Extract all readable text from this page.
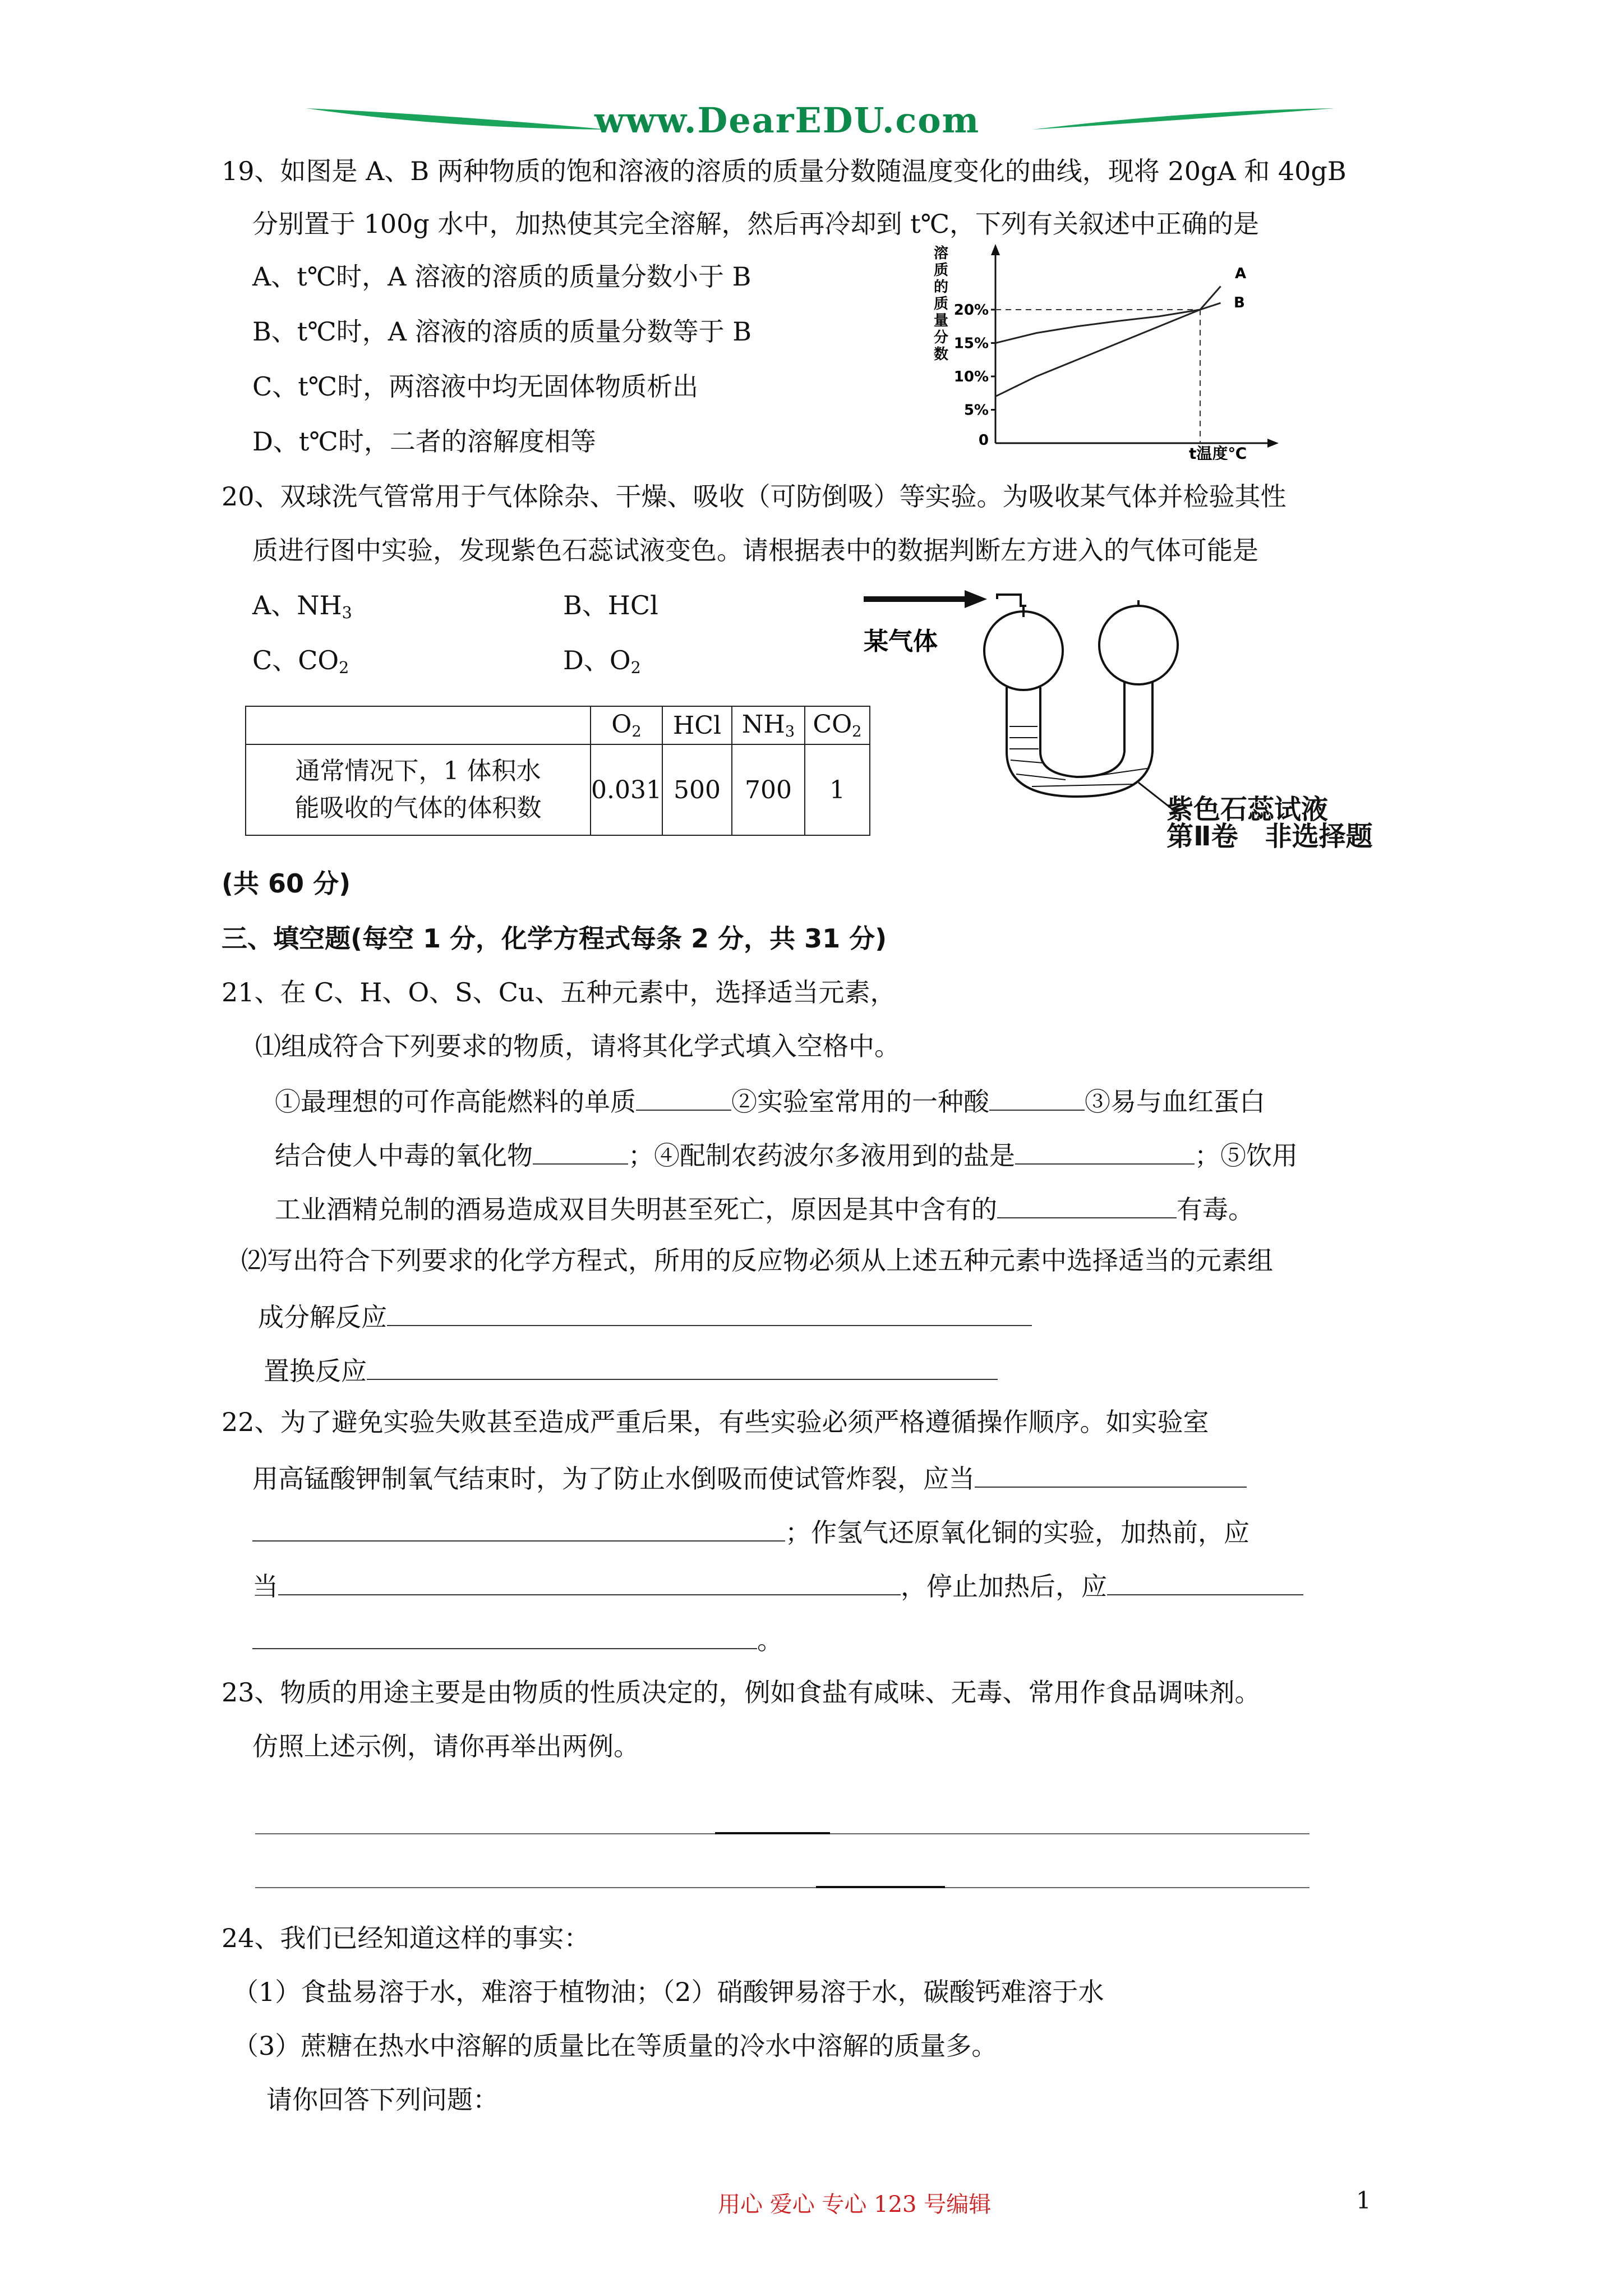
www.DearEDU.com
19、如图是 A、B 两种物质的饱和溶液的溶质的质量分数随温度变化的曲线，现将 20gA 和 40gB
分别置于 100g 水中，加热使其完全溶解，然后再冷却到 t℃，下列有关叙述中正确的是
A、t℃时，A 溶液的溶质的质量分数小于 B
B、t℃时，A 溶液的溶质的质量分数等于 B
C、t℃时，两溶液中均无固体物质析出
D、t℃时，二者的溶解度相等
溶质的质量分数
20%
15%
10%
5%
0
A
B
t温度℃
20、双球洗气管常用于气体除杂、干燥、吸收（可防倒吸）等实验。为吸收某气体并检验其性
质进行图中实验，发现紫色石蕊试液变色。请根据表中的数据判断左方进入的气体可能是
A、$NH_3$	B、HCl
C、$CO_2$	D、$O_2$
	$O_2$	HCl	$NH_3$	$CO_2$

通常情况下，1 体积水
能吸收的气体的体积数	0.031	500	700	1
某气体
紫色石蕊试液
第Ⅱ卷　非选择题
(共 60 分)
三、填空题(每空 1 分，化学方程式每条 2 分，共 31 分)
21、在 C、H、O、S、Cu、五种元素中，选择适当元素，
⑴组成符合下列要求的物质，请将其化学式填入空格中。
①最理想的可作高能燃料的单质	②实验室常用的一种酸	③易与血红蛋白
结合使人中毒的氧化物	；④配制农药波尔多液用到的盐是	；⑤饮用
工业酒精兑制的酒易造成双目失明甚至死亡，原因是其中含有的	有毒。
⑵写出符合下列要求的化学方程式，所用的反应物必须从上述五种元素中选择适当的元素组
成分解反应
置换反应
22、为了避免实验失败甚至造成严重后果，有些实验必须严格遵循操作顺序。如实验室
用高锰酸钾制氧气结束时，为了防止水倒吸而使试管炸裂，应当
；作氢气还原氧化铜的实验，加热前，应
当	，停止加热后，应
。
23、物质的用途主要是由物质的性质决定的，例如食盐有咸味、无毒、常用作食品调味剂。
仿照上述示例，请你再举出两例。
24、我们已经知道这样的事实：
（1）食盐易溶于水，难溶于植物油；（2）硝酸钾易溶于水，碳酸钙难溶于水
（3）蔗糖在热水中溶解的质量比在等质量的冷水中溶解的质量多。
请你回答下列问题：
用心 爱心 专心 123 号编辑	1
